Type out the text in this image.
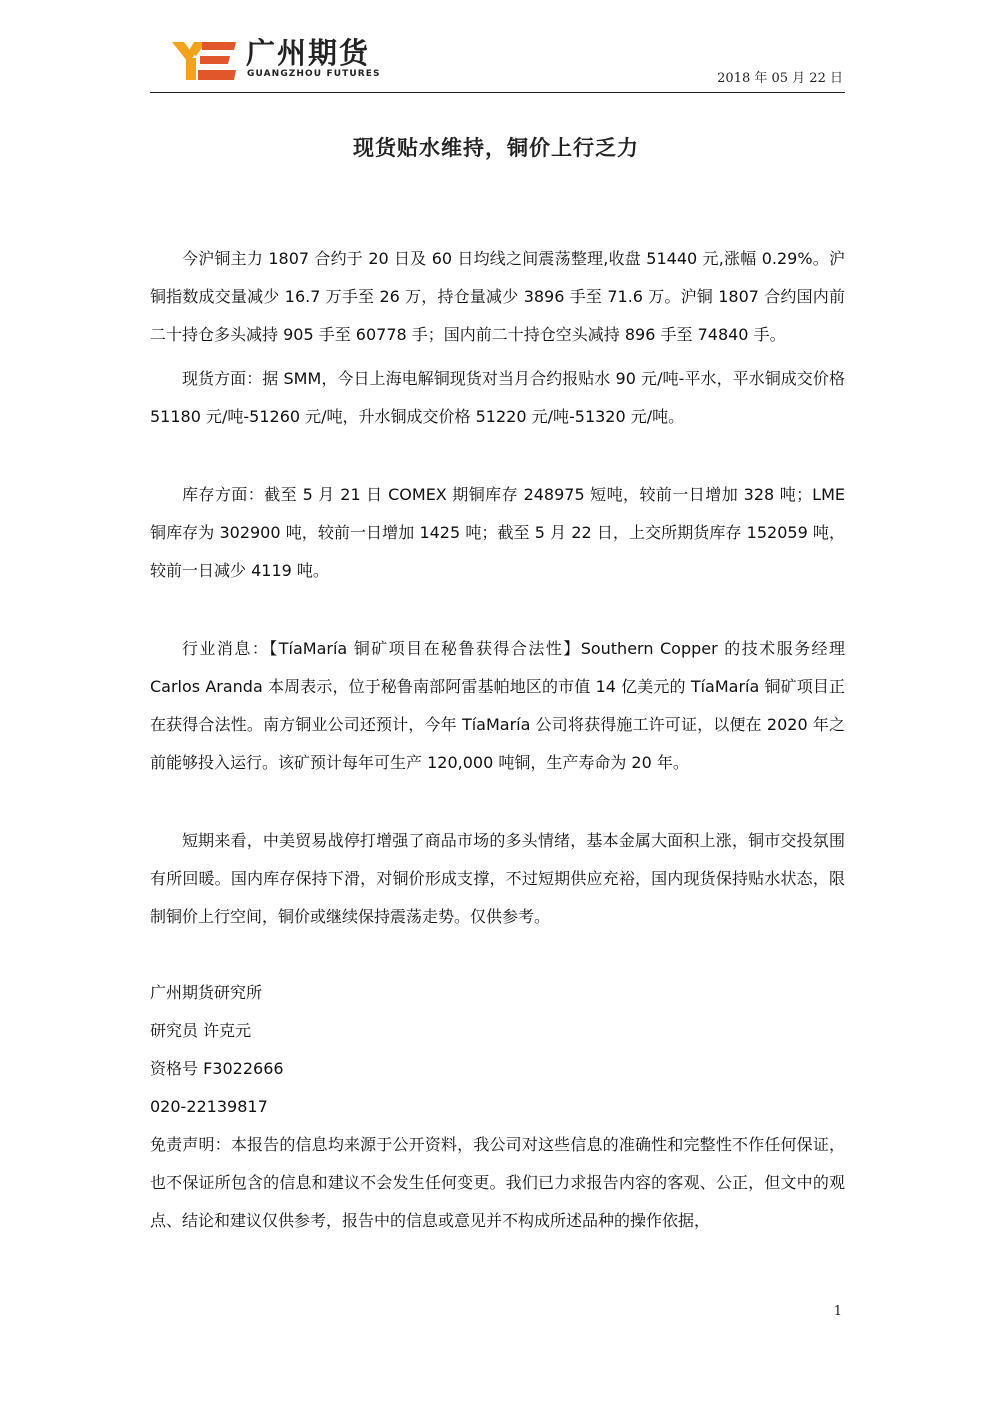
广州期货
GUANGZHOU FUTURES	2018 年 05 月 22 日
现货贴水维持，铜价上行乏力

今沪铜主力 1807 合约于 20 日及 60 日均线之间震荡整理,收盘 51440 元,涨幅 0.29%。沪铜指数成交量减少 16.7 万手至 26 万，持仓量减少 3896 手至 71.6 万。沪铜 1807 合约国内前二十持仓多头减持 905 手至 60778 手；国内前二十持仓空头减持 896 手至 74840 手。

现货方面：据 SMM，今日上海电解铜现货对当月合约报贴水 90 元/吨-平水，平水铜成交价格 51180 元/吨-51260 元/吨，升水铜成交价格 51220 元/吨-51320 元/吨。

库存方面：截至 5 月 21 日 COMEX 期铜库存 248975 短吨，较前一日增加 328 吨；LME 铜库存为 302900 吨，较前一日增加 1425 吨；截至 5 月 22 日，上交所期货库存 152059 吨，较前一日减少 4119 吨。

行业消息：【TíaMaría 铜矿项目在秘鲁获得合法性】Southern Copper 的技术服务经理 Carlos Aranda 本周表示，位于秘鲁南部阿雷基帕地区的市值 14 亿美元的 TíaMaría 铜矿项目正在获得合法性。南方铜业公司还预计，今年 TíaMaría 公司将获得施工许可证，以便在 2020 年之前能够投入运行。该矿预计每年可生产 120,000 吨铜，生产寿命为 20 年。

短期来看，中美贸易战停打增强了商品市场的多头情绪，基本金属大面积上涨，铜市交投氛围有所回暖。国内库存保持下滑，对铜价形成支撑，不过短期供应充裕，国内现货保持贴水状态，限制铜价上行空间，铜价或继续保持震荡走势。仅供参考。

广州期货研究所

研究员 许克元

资格号 F3022666

020-22139817

免责声明：本报告的信息均来源于公开资料，我公司对这些信息的准确性和完整性不作任何保证，也不保证所包含的信息和建议不会发生任何变更。我们已力求报告内容的客观、公正，但文中的观点、结论和建议仅供参考，报告中的信息或意见并不构成所述品种的操作依据，

1
